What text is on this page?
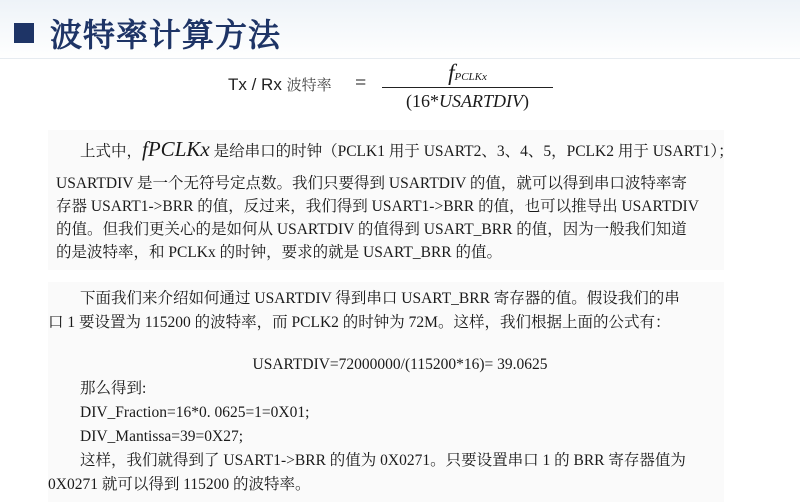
波特率计算方法
Tx / Rx 波特率 =	fPCLKx
(16*USARTDIV)
上式中，fPCLKx 是给串口的时钟（PCLK1 用于 USART2、3、4、5，PCLK2 用于 USART1）；
USARTDIV 是一个无符号定点数。我们只要得到 USARTDIV 的值，就可以得到串口波特率寄
存器 USART1->BRR 的值，反过来，我们得到 USART1->BRR 的值，也可以推导出 USARTDIV
的值。但我们更关心的是如何从 USARTDIV 的值得到 USART_BRR 的值，因为一般我们知道
的是波特率，和 PCLKx 的时钟，要求的就是 USART_BRR 的值。
下面我们来介绍如何通过 USARTDIV 得到串口 USART_BRR 寄存器的值。假设我们的串
口 1 要设置为 115200 的波特率，而 PCLK2 的时钟为 72M。这样，我们根据上面的公式有：
USARTDIV=72000000/(115200*16)= 39.0625
那么得到:
DIV_Fraction=16*0. 0625=1=0X01;
DIV_Mantissa=39=0X27;
这样，我们就得到了 USART1->BRR 的值为 0X0271。只要设置串口 1 的 BRR 寄存器值为
0X0271 就可以得到 115200 的波特率。
